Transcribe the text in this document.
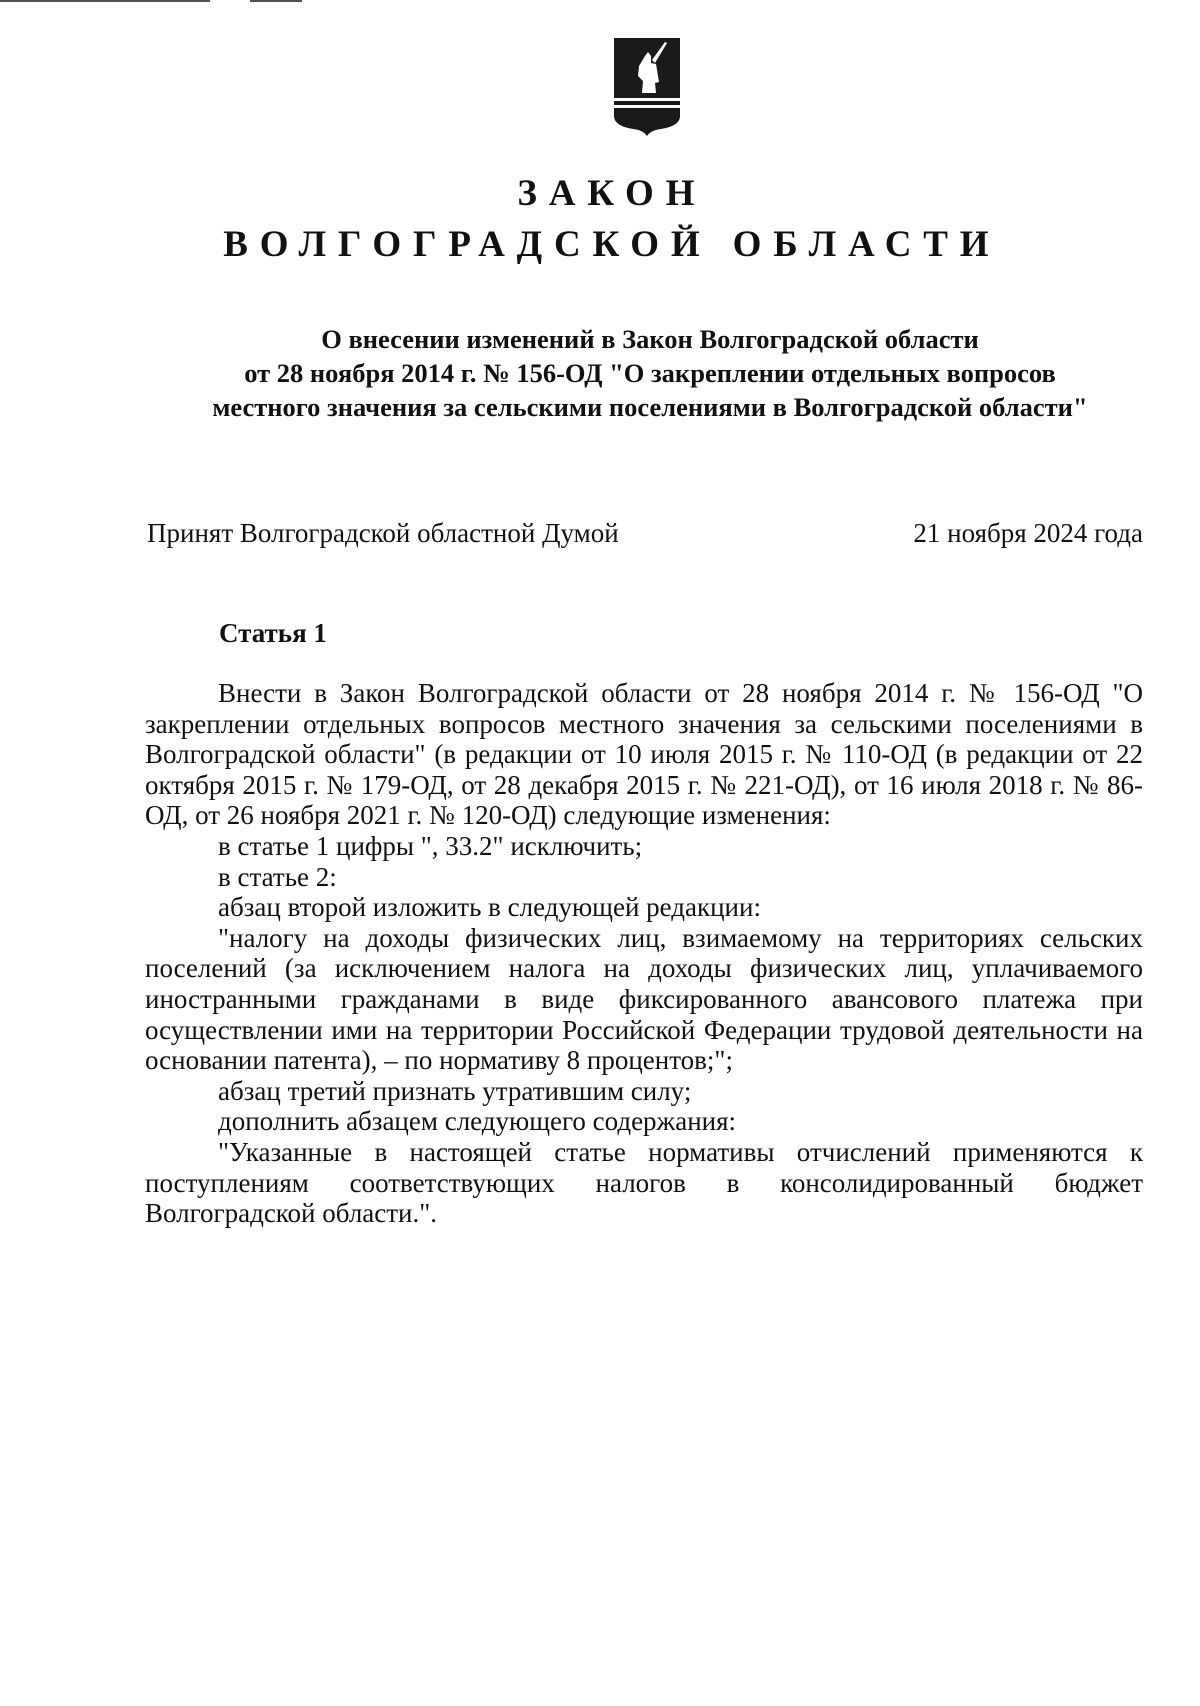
ЗАКОН
ВОЛГОГРАДСКОЙ ОБЛАСТИ
О внесении изменений в Закон Волгоградской области
от 28 ноября 2014 г. № 156-ОД "О закреплении отдельных вопросов
местного значения за сельскими поселениями в Волгоградской области"
Принят Волгоградской областной Думой	21 ноября 2024 года
Статья 1

Внести в Закон Волгоградской области от 28 ноября 2014 г. № 156-ОД "О закреплении отдельных вопросов местного значения за сельскими поселениями в Волгоградской области" (в редакции от 10 июля 2015 г. № 110-ОД (в редакции от 22 октября 2015 г. № 179-ОД, от 28 декабря 2015 г. № 221-ОД), от 16 июля 2018 г. № 86-ОД, от 26 ноября 2021 г. № 120-ОД) следующие изменения:

в статье 1 цифры ", 33.2" исключить;

в статье 2:

абзац второй изложить в следующей редакции:

"налогу на доходы физических лиц, взимаемому на территориях сельских поселений (за исключением налога на доходы физических лиц, уплачиваемого иностранными гражданами в виде фиксированного авансового платежа при осуществлении ими на территории Российской Федерации трудовой деятельности на основании патента), – по нормативу 8 процентов;";

абзац третий признать утратившим силу;

дополнить абзацем следующего содержания:

"Указанные в настоящей статье нормативы отчислений применяются к поступлениям соответствующих налогов в консолидированный бюджет Волгоградской области.".
